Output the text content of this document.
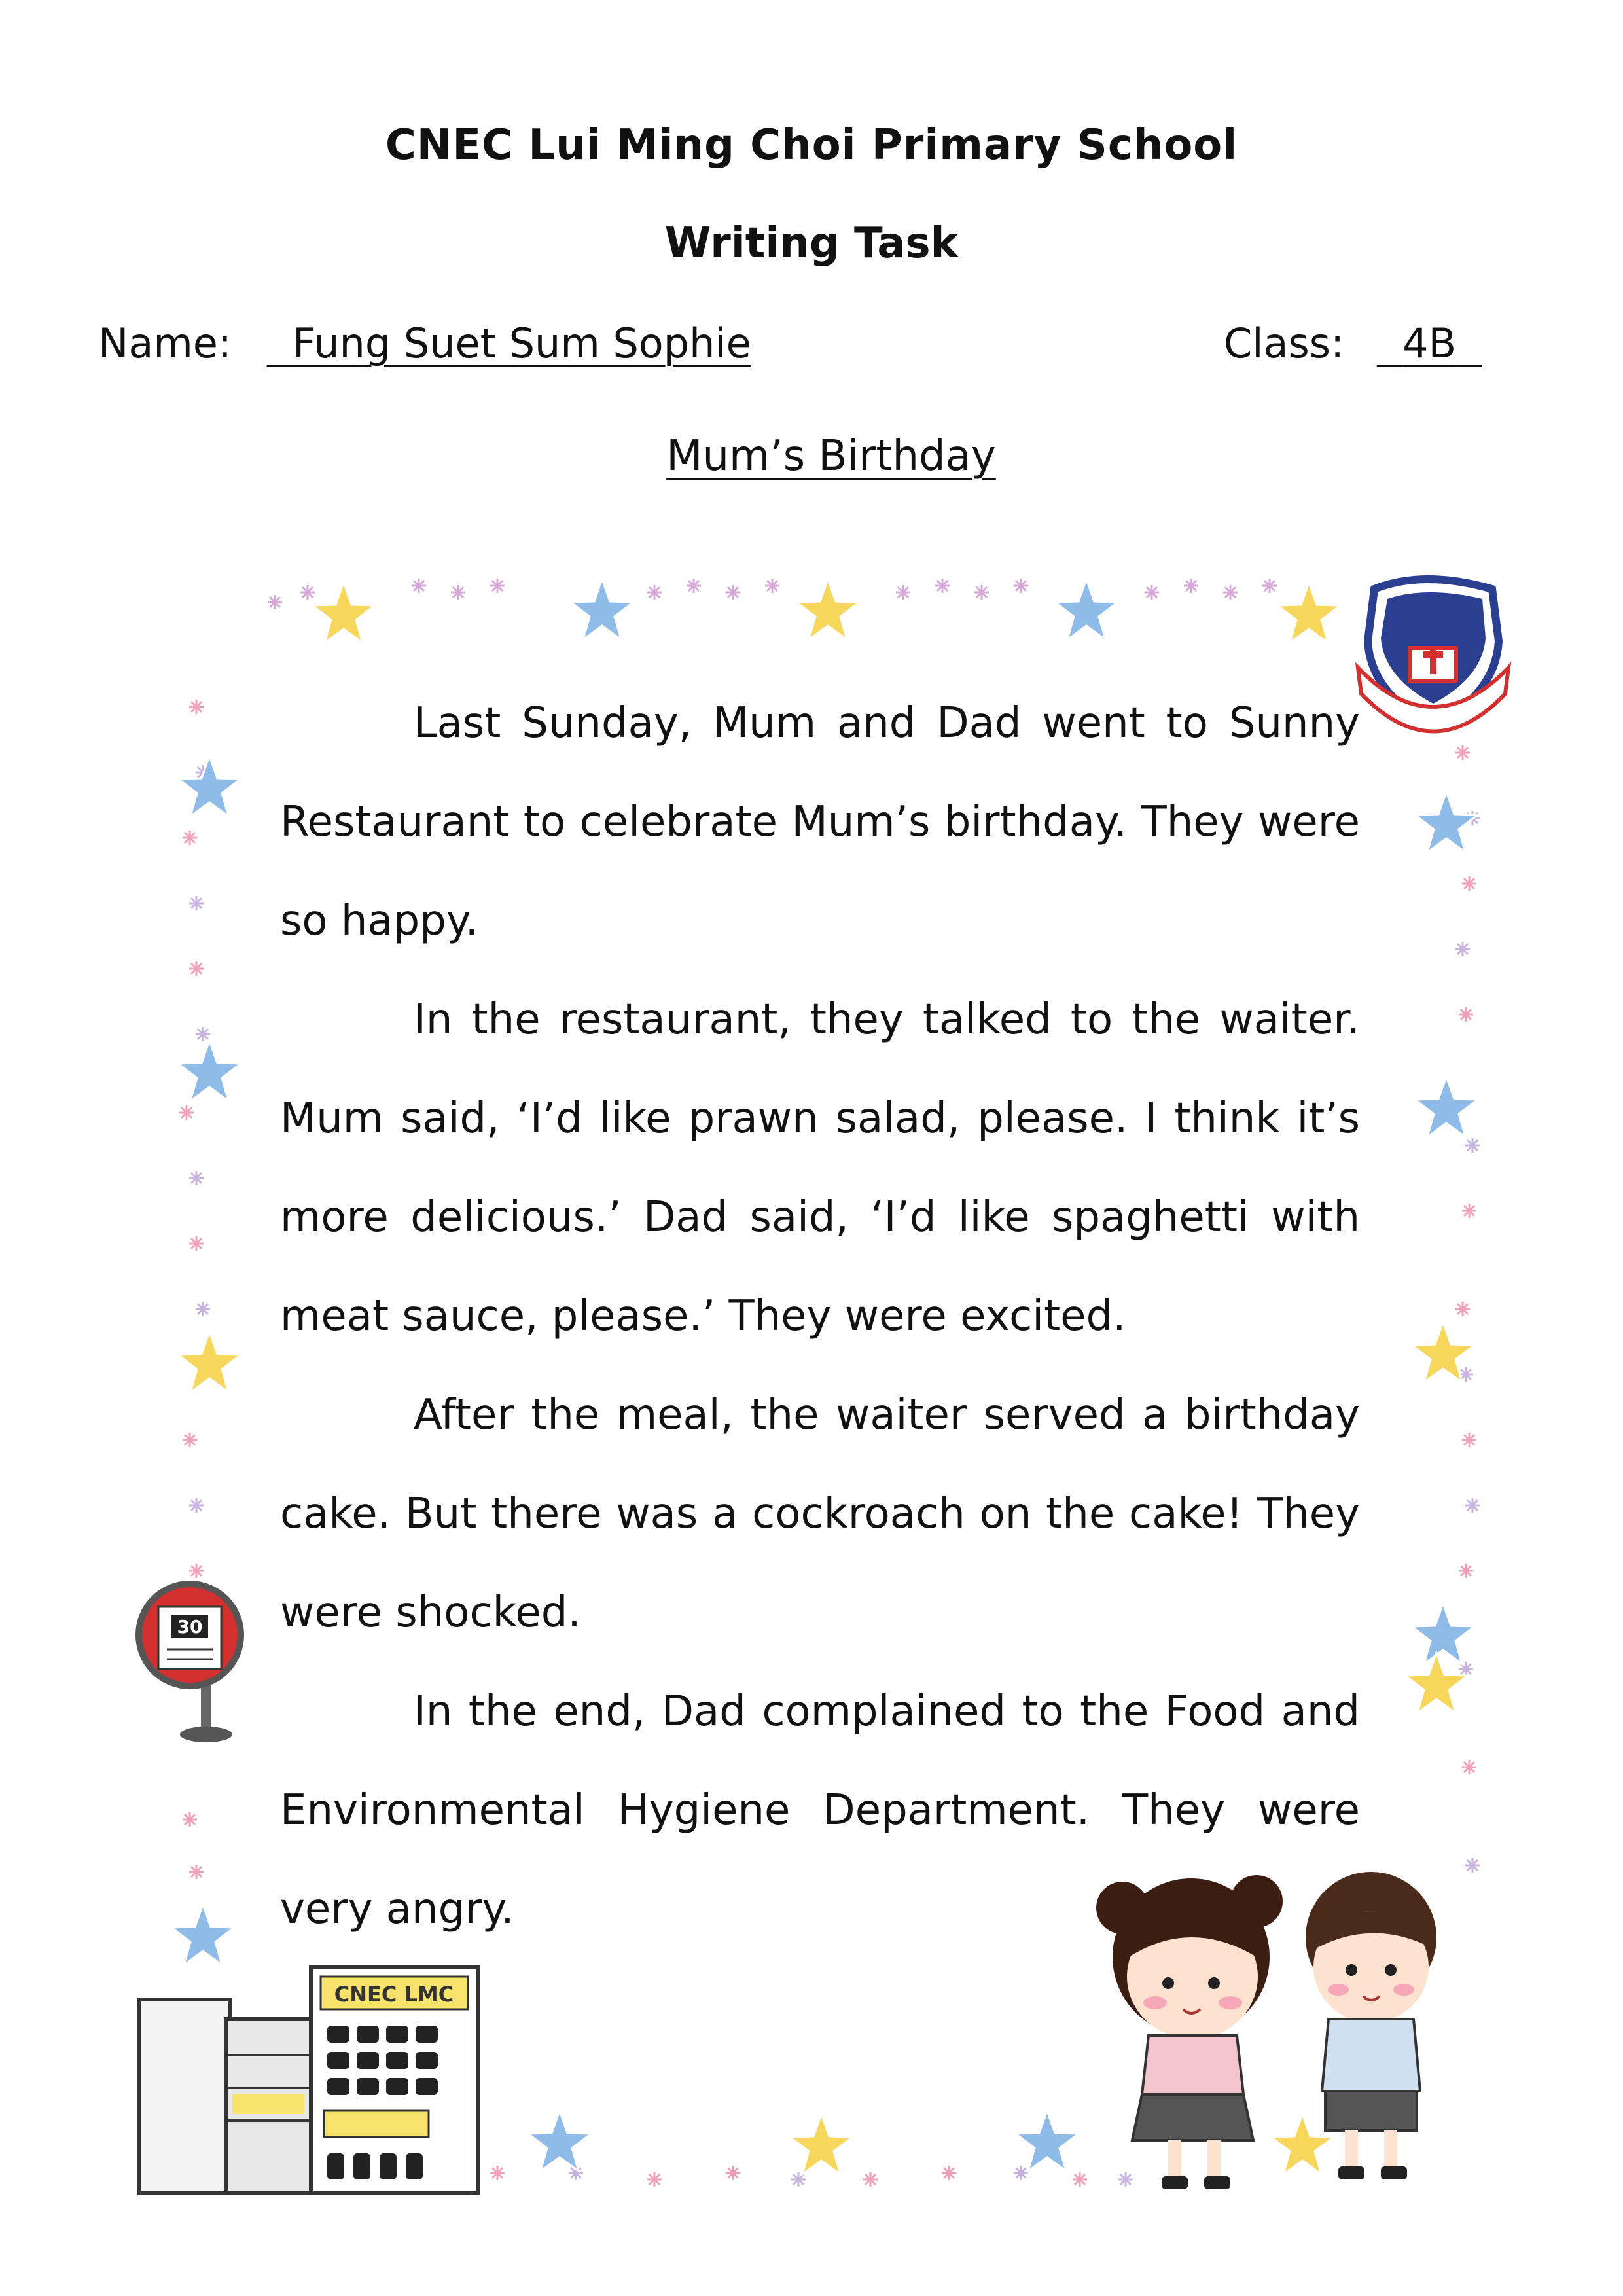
CNEC Lui Ming Choi Primary School
Writing Task
Name: Fung Suet Sum Sophie	Class: 4B
Mum’s Birthday
30
CNEC LMC

Last Sunday, Mum and Dad went to Sunny Restaurant to celebrate Mum’s birthday. They were so happy.

In the restaurant, they talked to the waiter. Mum said, ‘I’d like prawn salad, please. I think it’s more delicious.’ Dad said, ‘I’d like spaghetti with meat sauce, please.’ They were excited.

After the meal, the waiter served a birthday cake. But there was a cockroach on the cake! They were shocked.

In the end, Dad complained to the Food and Environmental Hygiene Department. They were very angry.
